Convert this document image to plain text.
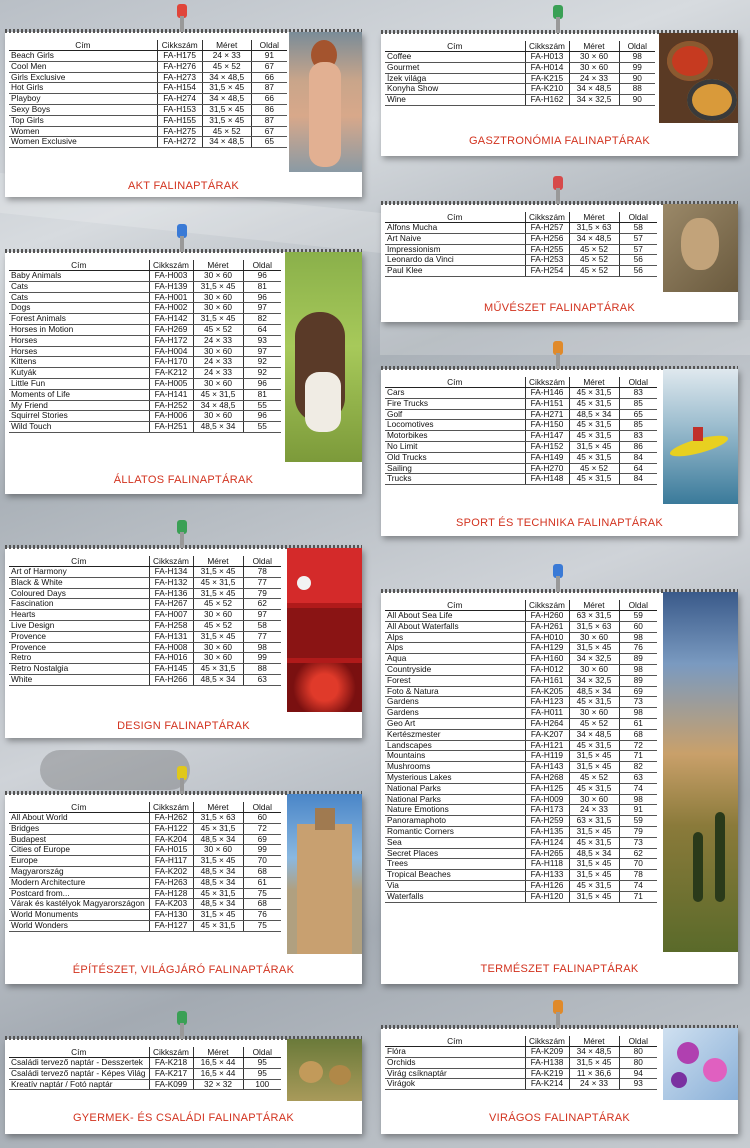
Cím	Cikkszám	Méret	Oldal
Beach Girls	FA-H175	24 × 33	91
Cool Men	FA-H276	45 × 52	67
Girls Exclusive	FA-H273	34 × 48,5	66
Hot Girls	FA-H154	31,5 × 45	87
Playboy	FA-H274	34 × 48,5	66
Sexy Boys	FA-H153	31,5 × 45	86
Top Girls	FA-H155	31,5 × 45	87
Women	FA-H275	45 × 52	67
Women Exclusive	FA-H272	34 × 48,5	65
AKT FALINAPTÁRAK
Cím	Cikkszám	Méret	Oldal
Coffee	FA-H013	30 × 60	98
Gourmet	FA-H014	30 × 60	99
Ízek világa	FA-K215	24 × 33	90
Konyha Show	FA-K210	34 × 48,5	88
Wine	FA-H162	34 × 32,5	90
GASZTRONÓMIA FALINAPTÁRAK
Cím	Cikkszám	Méret	Oldal
Alfons Mucha	FA-H257	31,5 × 63	58
Art Naive	FA-H256	34 × 48,5	57
Impressionism	FA-H255	45 × 52	57
Leonardo da Vinci	FA-H253	45 × 52	56
Paul Klee	FA-H254	45 × 52	56
MŰVÉSZET FALINAPTÁRAK
Cím	Cikkszám	Méret	Oldal
Baby Animals	FA-H003	30 × 60	96
Cats	FA-H139	31,5 × 45	81
Cats	FA-H001	30 × 60	96
Dogs	FA-H002	30 × 60	97
Forest Animals	FA-H142	31,5 × 45	82
Horses in Motion	FA-H269	45 × 52	64
Horses	FA-H172	24 × 33	93
Horses	FA-H004	30 × 60	97
Kittens	FA-H170	24 × 33	92
Kutyák	FA-K212	24 × 33	92
Little Fun	FA-H005	30 × 60	96
Moments of Life	FA-H141	45 × 31,5	81
My Friend	FA-H252	34 × 48,5	55
Squirrel Stories	FA-H006	30 × 60	96
Wild Touch	FA-H251	48,5 × 34	55
ÁLLATOS FALINAPTÁRAK
Cím	Cikkszám	Méret	Oldal
Cars	FA-H146	45 × 31,5	83
Fire Trucks	FA-H151	45 × 31,5	85
Golf	FA-H271	48,5 × 34	65
Locomotives	FA-H150	45 × 31,5	85
Motorbikes	FA-H147	45 × 31,5	83
No Limit	FA-H152	31,5 × 45	86
Old Trucks	FA-H149	45 × 31,5	84
Sailing	FA-H270	45 × 52	64
Trucks	FA-H148	45 × 31,5	84
SPORT ÉS TECHNIKA FALINAPTÁRAK
Cím	Cikkszám	Méret	Oldal
Art of Harmony	FA-H134	31,5 × 45	78
Black & White	FA-H132	45 × 31,5	77
Coloured Days	FA-H136	31,5 × 45	79
Fascination	FA-H267	45 × 52	62
Hearts	FA-H007	30 × 60	97
Live Design	FA-H258	45 × 52	58
Provence	FA-H131	31,5 × 45	77
Provence	FA-H008	30 × 60	98
Retro	FA-H016	30 × 60	99
Retro Nostalgia	FA-H145	45 × 31,5	88
White	FA-H266	48,5 × 34	63
DESIGN FALINAPTÁRAK
Cím	Cikkszám	Méret	Oldal
All About Sea Life	FA-H260	63 × 31,5	59
All About Waterfalls	FA-H261	31,5 × 63	60
Alps	FA-H010	30 × 60	98
Alps	FA-H129	31,5 × 45	76
Aqua	FA-H160	34 × 32,5	89
Countryside	FA-H012	30 × 60	98
Forest	FA-H161	34 × 32,5	89
Foto & Natura	FA-K205	48,5 × 34	69
Gardens	FA-H123	45 × 31,5	73
Gardens	FA-H011	30 × 60	98
Geo Art	FA-H264	45 × 52	61
Kertészmester	FA-K207	34 × 48,5	68
Landscapes	FA-H121	45 × 31,5	72
Mountains	FA-H119	31,5 × 45	71
Mushrooms	FA-H143	31,5 × 45	82
Mysterious Lakes	FA-H268	45 × 52	63
National Parks	FA-H125	45 × 31,5	74
National Parks	FA-H009	30 × 60	98
Nature Emotions	FA-H173	24 × 33	91
Panoramaphoto	FA-H259	63 × 31,5	59
Romantic Corners	FA-H135	31,5 × 45	79
Sea	FA-H124	45 × 31,5	73
Secret Places	FA-H265	48,5 × 34	62
Trees	FA-H118	31,5 × 45	70
Tropical Beaches	FA-H133	31,5 × 45	78
Via	FA-H126	45 × 31,5	74
Waterfalls	FA-H120	31,5 × 45	71
TERMÉSZET FALINAPTÁRAK
Cím	Cikkszám	Méret	Oldal
All About World	FA-H262	31,5 × 63	60
Bridges	FA-H122	45 × 31,5	72
Budapest	FA-K204	48,5 × 34	69
Cities of Europe	FA-H015	30 × 60	99
Europe	FA-H117	31,5 × 45	70
Magyarország	FA-K202	48,5 × 34	68
Modern Architecture	FA-H263	48,5 × 34	61
Postcard from...	FA-H128	45 × 31,5	75
Várak és kastélyok Magyarországon	FA-K203	48,5 × 34	68
World Monuments	FA-H130	31,5 × 45	76
World Wonders	FA-H127	45 × 31,5	75
ÉPÍTÉSZET, VILÁGJÁRÓ FALINAPTÁRAK
Cím	Cikkszám	Méret	Oldal
Családi tervező naptár - Desszertek	FA-K218	16,5 × 44	95
Családi tervező naptár - Képes Világ	FA-K217	16,5 × 44	95
Kreatív naptár / Fotó naptár	FA-K099	32 × 32	100
GYERMEK- ÉS CSALÁDI FALINAPTÁRAK
Cím	Cikkszám	Méret	Oldal
Flóra	FA-K209	34 × 48,5	80
Orchids	FA-H138	31,5 × 45	80
Virág csíknaptár	FA-K219	11 × 36,6	94
Virágok	FA-K214	24 × 33	93
VIRÁGOS FALINAPTÁRAK
